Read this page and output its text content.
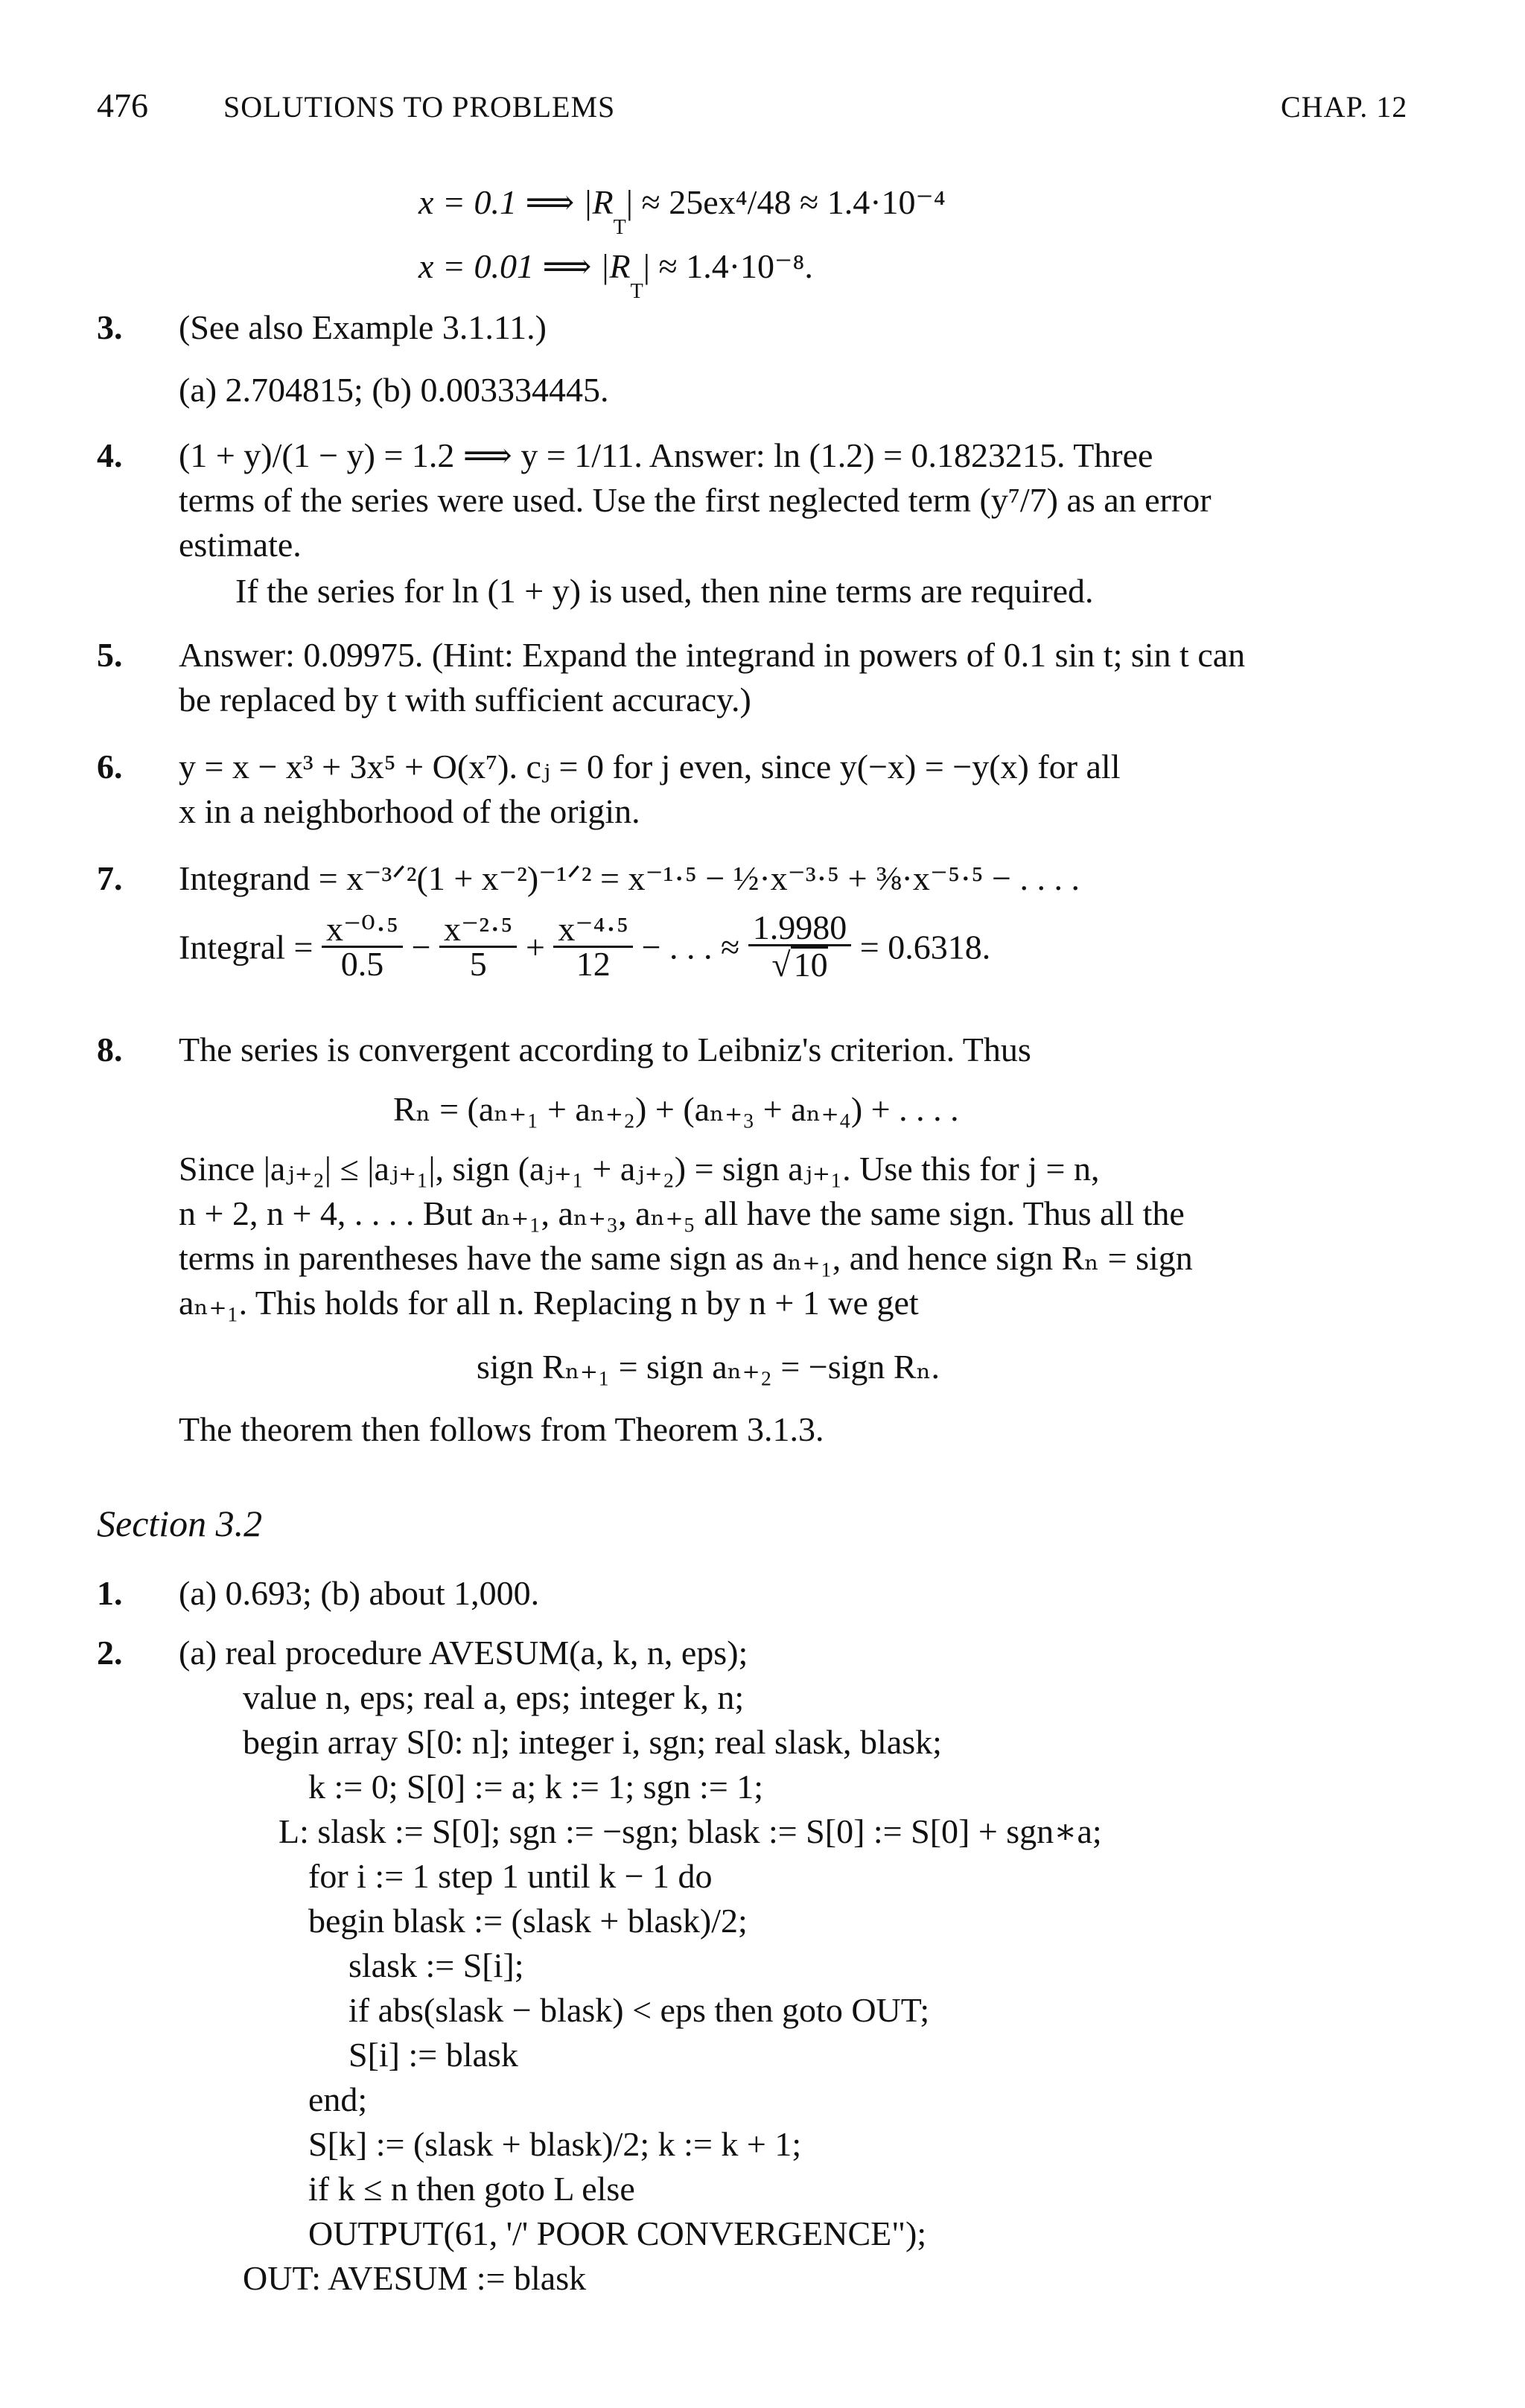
476	SOLUTIONS TO PROBLEMS	CHAP. 12
x = 0.1 ⟹ $|R_T| \approx 25ex^4/48 \approx 1.4\cdot 10^{-4}$
x = 0.01 ⟹ $|R_T| \approx 1.4\cdot 10^{-8}$.
3. (See also Example 3.1.11.)
(a) 2.704815; (b) 0.003334445.
4. (1 + y)/(1 − y) = 1.2 ⟹ y = 1/11. Answer: ln (1.2) = 0.1823215. Three
terms of the series were used. Use the first neglected term (y⁷/7) as an error
estimate.
If the series for ln (1 + y) is used, then nine terms are required.
5. Answer: 0.09975. (Hint: Expand the integrand in powers of 0.1 sin t; sin t can
be replaced by t with sufficient accuracy.)
6. y = x − x³ + 3x⁵ + O(x⁷). cⱼ = 0 for j even, since y(−x) = −y(x) for all
x in a neighborhood of the origin.
7. Integrand = x⁻³ᐟ²(1 + x⁻²)⁻¹ᐟ² = x⁻¹·⁵ − ½·x⁻³·⁵ + ⅜·x⁻⁵·⁵ − . . . .
Integral = $\frac{\text{x⁻⁰·⁵}}{0.5} - \frac{\text{x⁻²·⁵}}{5} + \frac{\text{x⁻⁴·⁵}}{12}$ − . . . ≈ $\frac{1.9980}{√10} = 0.6318$.
8. The series is convergent according to Leibniz's criterion. Thus
Rₙ = (aₙ₊₁ + aₙ₊₂) + (aₙ₊₃ + aₙ₊₄) + . . . .
Since |aⱼ₊₂| ≤ |aⱼ₊₁|, sign (aⱼ₊₁ + aⱼ₊₂) = sign aⱼ₊₁. Use this for j = n,
n + 2, n + 4, . . . . But aₙ₊₁, aₙ₊₃, aₙ₊₅ all have the same sign. Thus all the
terms in parentheses have the same sign as aₙ₊₁, and hence sign Rₙ = sign
aₙ₊₁. This holds for all n. Replacing n by n + 1 we get
sign Rₙ₊₁ = sign aₙ₊₂ = −sign Rₙ.
The theorem then follows from Theorem 3.1.3.
Section 3.2
1. (a) 0.693; (b) about 1,000.
2. (a) real procedure AVESUM(a, k, n, eps);
value n, eps; real a, eps; integer k, n;
begin array S[0: n]; integer i, sgn; real slask, blask;
k := 0; S[0] := a; k := 1; sgn := 1;
L: slask := S[0]; sgn := −sgn; blask := S[0] := S[0] + sgn∗a;
for i := 1 step 1 until k − 1 do
begin blask := (slask + blask)/2;
slask := S[i];
if abs(slask − blask) < eps then goto OUT;
S[i] := blask
end;
S[k] := (slask + blask)/2; k := k + 1;
if k ≤ n then goto L else
OUTPUT(61, '/' POOR CONVERGENCE");
OUT: AVESUM := blask
